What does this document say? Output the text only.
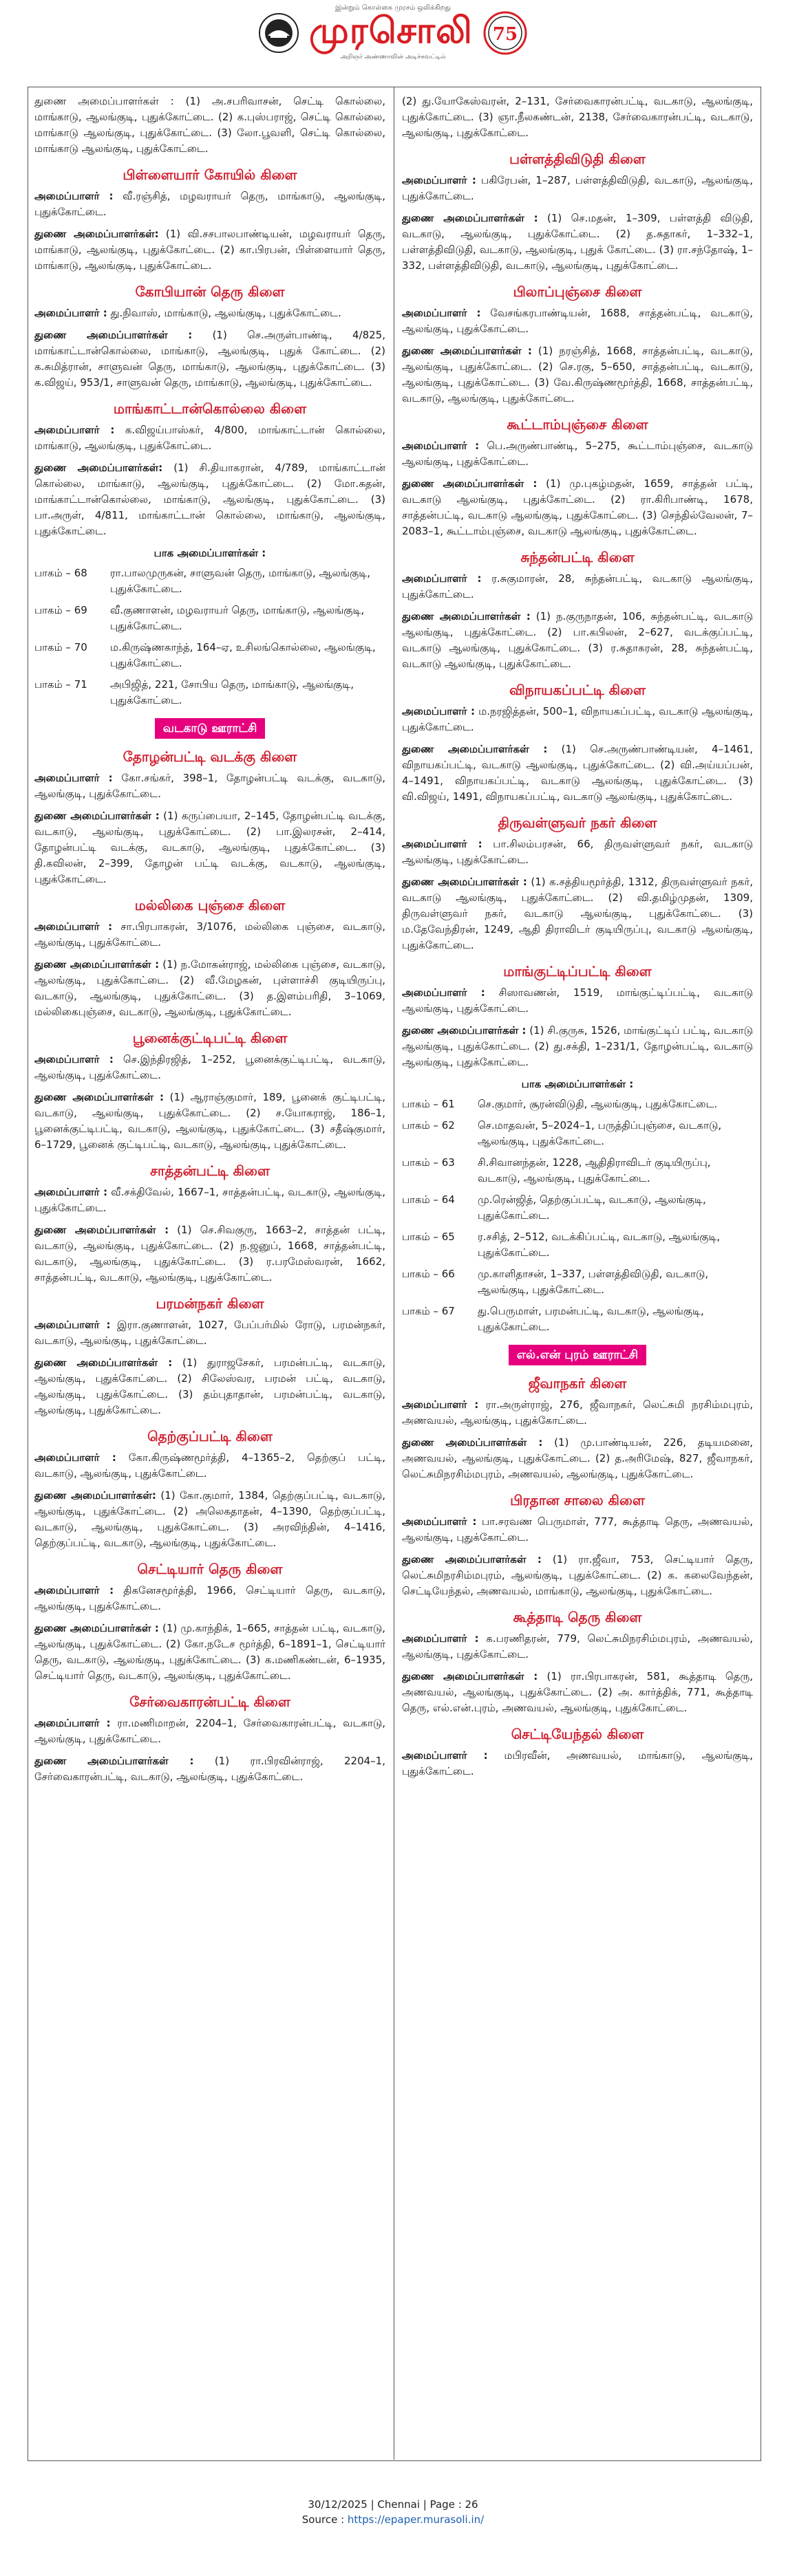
இன்றும் கொள்கை முரசம் ஒலிக்கிறது
முரசொலி 75
அறிஞர் அண்ணாவின் அடிச்சுவட்டில்

துணை அமைப்பாளர்கள் : (1) அ.சபரிவாசன், செட்டி கொல்லை, மாங்காடு, ஆலங்குடி, புதுக்கோட்டை. (2) க.புஸ்பராஜ், செட்டி கொல்லை, மாங்காடு ஆலங்குடி, புதுக்கோட்டை. (3) லோ.பூவளி, செட்டி கொல்லை, மாங்காடு ஆலங்குடி, புதுக்கோட்டை.

பிள்ளையார் கோயில் கிளை

அமைப்பாளர் : வீ.ரஞ்சித், மழவராயர் தெரு, மாங்காடு, ஆலங்குடி, புதுக்கோட்டை.

துணை அமைப்பாளர்கள்: (1) வி.சசபாலபாண்டியன், மழவராயர் தெரு, மாங்காடு, ஆலங்குடி, புதுக்கோட்டை. (2) கா.பிரபன், பிள்ளையார் தெரு, மாங்காடு, ஆலங்குடி, புதுக்கோட்டை.

கோபியான் தெரு கிளை

அமைப்பாளர் : து.நிவாஸ், மாங்காடு, ஆலங்குடி, புதுக்கோட்டை.

துணை அமைப்பாளர்கள் : (1) செ.அருள்பாண்டி, 4/825, மாங்காட்டான்கொல்லை, மாங்காடு, ஆலங்குடி, புதுக் கோட்டை. (2) க.சுமித்ரான், சாளுவன் தெரு, மாங்காடு, ஆலங்குடி, புதுக்கோட்டை. (3) க.விஜய், 953/1, சாளுவன் தெரு, மாங்காடு, ஆலங்குடி, புதுக்கோட்டை.

மாங்காட்டான்கொல்லை கிளை

அமைப்பாளர் : க.விஜய்பாஸ்கர், 4/800, மாங்காட்டான் கொல்லை, மாங்காடு, ஆலங்குடி, புதுக்கோட்டை.

துணை அமைப்பாளர்கள்: (1) சி.தியாகரான், 4/789, மாங்காட்டான் கொல்லை, மாங்காடு, ஆலங்குடி, புதுக்கோட்டை. (2) மோ.சுதன், மாங்காட்டான்கொல்லை, மாங்காடு, ஆலங்குடி, புதுக்கோட்டை. (3) பா.அருள், 4/811, மாங்காட்டான் கொல்லை, மாங்காடு, ஆலங்குடி, புதுக்கோட்டை.

பாக அமைப்பாளர்கள் :
பாகம் – 68	ரா.பாலமுருகன், சாளுவன் தெரு, மாங்காடு, ஆலங்குடி, புதுக்கோட்டை.
பாகம் – 69	வீ.குணாளன், மழவராயர் தெரு, மாங்காடு, ஆலங்குடி, புதுக்கோட்டை.
பாகம் – 70	ம.கிருஷ்ணகாந்த், 164–ஏ, உசிலங்கொல்லை, ஆலங்குடி, புதுக்கோட்டை.
பாகம் – 71	அபிஜித், 221, சோபிய தெரு, மாங்காடு, ஆலங்குடி, புதுக்கோட்டை.
வடகாடு ஊராட்சி
தோழன்பட்டி வடக்கு கிளை

அமைப்பாளர் : கோ.சங்கர், 398–1, தோழன்பட்டி வடக்கு, வடகாடு, ஆலங்குடி, புதுக்கோட்டை.

துணை அமைப்பாளர்கள் : (1) கருப்பையா, 2–145, தோழன்பட்டி வடக்கு, வடகாடு, ஆலங்குடி, புதுக்கோட்டை. (2) பா.இலரசன், 2–414, தோழன்பட்டி வடக்கு, வடகாடு, ஆலங்குடி, புதுக்கோட்டை. (3) தி.கவிலன், 2–399, தோழன் பட்டி வடக்கு, வடகாடு, ஆலங்குடி, புதுக்கோட்டை.

மல்லிகை புஞ்சை கிளை

அமைப்பாளர் : சா.பிரபாகரன், 3/1076, மல்லிகை புஞ்சை, வடகாடு, ஆலங்குடி, புதுக்கோட்டை.

துணை அமைப்பாளர்கள் : (1) ந.மோகன்ராஜ், மல்லிகை புஞ்சை, வடகாடு, ஆலங்குடி, புதுக்கோட்டை. (2) வீ.மேழகன், புள்ளாச்சி குடியிருப்பு, வடகாடு, ஆலங்குடி, புதுக்கோட்டை. (3) த.இளம்பரிதி, 3–1069, மல்லிகைபுஞ்சை, வடகாடு, ஆலங்குடி, புதுக்கோட்டை.

பூனைக்குட்டிபட்டி கிளை

அமைப்பாளர் : செ.இந்திரஜித், 1–252, பூனைக்குட்டிபட்டி, வடகாடு, ஆலங்குடி, புதுக்கோட்டை.

துணை அமைப்பாளர்கள் : (1) ஆராஞ்குமார், 189, பூனைக் குட்டிபட்டி, வடகாடு, ஆலங்குடி, புதுக்கோட்டை. (2) ச.யோகராஜ், 186–1, பூனைக்குட்டிபட்டி, வடகாடு, ஆலங்குடி, புதுக்கோட்டை. (3) சதீஷ்குமார், 6–1729, பூனைக் குட்டிபட்டி, வடகாடு, ஆலங்குடி, புதுக்கோட்டை.

சாத்தன்பட்டி கிளை

அமைப்பாளர் : வீ.சக்திவேல், 1667–1, சாத்தன்பட்டி, வடகாடு, ஆலங்குடி, புதுக்கோட்டை.

துணை அமைப்பாளர்கள் : (1) செ.சிவகுரு, 1663–2, சாத்தன் பட்டி, வடகாடு, ஆலங்குடி, புதுக்கோட்டை. (2) ந.ஜனுப், 1668, சாத்தன்பட்டி, வடகாடு, ஆலங்குடி, புதுக்கோட்டை. (3) ர.பரமேஸ்வரன், 1662, சாத்தன்பட்டி, வடகாடு, ஆலங்குடி, புதுக்கோட்டை.

பரமன்நகர் கிளை

அமைப்பாளர் : இரா.குணாளன், 1027, பேப்பர்மில் ரோடு, பரமன்நகர், வடகாடு, ஆலங்குடி, புதுக்கோட்டை.

துணை அமைப்பாளர்கள் : (1) துராஜசேகர், பரமன்பட்டி, வடகாடு, ஆலங்குடி, புதுக்கோட்டை. (2) சிலேஸ்வர, பரமன் பட்டி, வடகாடு, ஆலங்குடி, புதுக்கோட்டை. (3) தம்புதாதான், பரமன்பட்டி, வடகாடு, ஆலங்குடி, புதுக்கோட்டை.

தெற்குப்பட்டி கிளை

அமைப்பாளர் : கோ.கிருஷ்ணமூர்த்தி, 4–1365–2, தெற்குப் பட்டி, வடகாடு, ஆலங்குடி, புதுக்கோட்டை.

துணை அமைப்பாளர்கள்: (1) கோ.குமார், 1384, தெற்குப்பட்டி, வடகாடு, ஆலங்குடி, புதுக்கோட்டை. (2) அலெகதாதன், 4–1390, தெற்குப்பட்டி, வடகாடு, ஆலங்குடி, புதுக்கோட்டை. (3) அரவிந்தின், 4–1416, தெற்குப்பட்டி, வடகாடு, ஆலங்குடி, புதுக்கோட்டை.

செட்டியார் தெரு கிளை

அமைப்பாளர் : திகனேசமூர்த்தி, 1966, செட்டியார் தெரு, வடகாடு, ஆலங்குடி, புதுக்கோட்டை.

துணை அமைப்பாளர்கள் : (1) மு.காந்திக், 1–665, சாத்தன் பட்டி, வடகாடு, ஆலங்குடி, புதுக்கோட்டை. (2) கோ.நடேச மூர்த்தி, 6–1891–1, செட்டியார் தெரு, வடகாடு, ஆலங்குடி, புதுக்கோட்டை. (3) க.மணிகண்டன், 6–1935, செட்டியார் தெரு, வடகாடு, ஆலங்குடி, புதுக்கோட்டை.

சேர்வைகாரன்பட்டி கிளை

அமைப்பாளர் : ரா.மணிமாறன், 2204–1, சேர்வைகாரன்பட்டி, வடகாடு, ஆலங்குடி, புதுக்கோட்டை.

துணை அமைப்பாளர்கள் : (1) ரா.பிரவின்ராஜ், 2204–1, சேர்வைகாரன்பட்டி, வடகாடு, ஆலங்குடி, புதுக்கோட்டை.

(2) து.யோகேஸ்வரன், 2–131, சேர்வைகாரன்பட்டி, வடகாடு, ஆலங்குடி, புதுக்கோட்டை. (3) ஞா.நீலகண்டன், 2138, சேர்வைகாரன்பட்டி, வடகாடு, ஆலங்குடி, புதுக்கோட்டை.

பள்ளத்திவிடுதி கிளை

அமைப்பாளர் : பகிரேபன், 1–287, பள்ளத்திவிடுதி, வடகாடு, ஆலங்குடி, புதுக்கோட்டை.

துணை அமைப்பாளர்கள் : (1) செ.மதன், 1–309, பள்ளத்தி விடுதி, வடகாடு, ஆலங்குடி, புதுக்கோட்டை. (2) த.சுதாகர், 1–332–1, பள்ளத்திவிடுதி, வடகாடு, ஆலங்குடி, புதுக் கோட்டை. (3) ரா.சந்தோஷ், 1–332, பள்ளத்திவிடுதி, வடகாடு, ஆலங்குடி, புதுக்கோட்டை.

பிலாப்புஞ்சை கிளை

அமைப்பாளர் : வேசங்கரபாண்டியன், 1688, சாத்தன்பட்டி, வடகாடு, ஆலங்குடி, புதுக்கோட்டை.

துணை அமைப்பாளர்கள் : (1) நரஞ்சித், 1668, சாத்தன்பட்டி, வடகாடு, ஆலங்குடி, புதுக்கோட்டை. (2) செ.ரகு, 5–650, சாத்தன்பட்டி, வடகாடு, ஆலங்குடி, புதுக்கோட்டை. (3) வே.கிருஷ்ணமூர்த்தி, 1668, சாத்தன்பட்டி, வடகாடு, ஆலங்குடி, புதுக்கோட்டை.

கூட்டாம்புஞ்சை கிளை

அமைப்பாளர் : பெ.அருண்பாண்டி, 5–275, கூட்டாம்புஞ்சை, வடகாடு ஆலங்குடி, புதுக்கோட்டை.

துணை அமைப்பாளர்கள் : (1) மு.புகழ்மதன், 1659, சாத்தன் பட்டி, வடகாடு ஆலங்குடி, புதுக்கோட்டை. (2) ரா.கிரிபாண்டி, 1678, சாத்தன்பட்டி, வடகாடு ஆலங்குடி, புதுக்கோட்டை. (3) செந்தில்வேலன், 7–2083–1, கூட்டாம்புஞ்சை, வடகாடு ஆலங்குடி, புதுக்கோட்டை.

சுந்தன்பட்டி கிளை

அமைப்பாளர் : ர.சுகுமாரன், 28, சுந்தன்பட்டி, வடகாடு ஆலங்குடி, புதுக்கோட்டை.

துணை அமைப்பாளர்கள் : (1) ந.குருநாதன், 106, சுந்தன்பட்டி, வடகாடு ஆலங்குடி, புதுக்கோட்டை. (2) பா.கபிலன், 2–627, வடக்குப்பட்டி, வடகாடு ஆலங்குடி, புதுக்கோட்டை. (3) ர.சுதாகரன், 28, சுந்தன்பட்டி, வடகாடு ஆலங்குடி, புதுக்கோட்டை.

விநாயகப்பட்டி கிளை

அமைப்பாளர் : ம.நரஜித்தன், 500–1, விநாயகப்பட்டி, வடகாடு ஆலங்குடி, புதுக்கோட்டை.

துணை அமைப்பாளர்கள் : (1) செ.அருண்பாண்டியன், 4–1461, விநாயகப்பட்டி, வடகாடு ஆலங்குடி, புதுக்கோட்டை. (2) வி.அய்யப்பன், 4–1491, விநாயகப்பட்டி, வடகாடு ஆலங்குடி, புதுக்கோட்டை. (3) வி.விஜய், 1491, விநாயகப்பட்டி, வடகாடு ஆலங்குடி, புதுக்கோட்டை.

திருவள்ளுவர் நகர் கிளை

அமைப்பாளர் : பா.சிலம்பரசன், 66, திருவள்ளுவர் நகர், வடகாடு ஆலங்குடி, புதுக்கோட்டை.

துணை அமைப்பாளர்கள் : (1) க.சத்தியமூர்த்தி, 1312, திருவள்ளுவர் நகர், வடகாடு ஆலங்குடி, புதுக்கோட்டை. (2) வி.தமிழ்முதன், 1309, திருவள்ளுவர் நகர், வடகாடு ஆலங்குடி, புதுக்கோட்டை. (3) ம.தேவேந்திரன், 1249, ஆதி திராவிடர் குடியிருப்பு, வடகாடு ஆலங்குடி, புதுக்கோட்டை.

மாங்குட்டிப்பட்டி கிளை

அமைப்பாளர் : சிஸாவணன், 1519, மாங்குட்டிப்பட்டி, வடகாடு ஆலங்குடி, புதுக்கோட்டை.

துணை அமைப்பாளர்கள் : (1) சி.குருசு, 1526, மாங்குட்டிப் பட்டி, வடகாடு ஆலங்குடி, புதுக்கோட்டை. (2) து.சக்தி, 1–231/1, தோழன்பட்டி, வடகாடு ஆலங்குடி, புதுக்கோட்டை.

பாக அமைப்பாளர்கள் :
பாகம் – 61	செ.குமார், சூரன்விடுதி, ஆலங்குடி, புதுக்கோட்டை.
பாகம் – 62	செ.மாதவன், 5–2024–1, பருத்திப்புஞ்சை, வடகாடு, ஆலங்குடி, புதுக்கோட்டை.
பாகம் – 63	சி.சிவானந்தன், 1228, ஆதிதிராவிடர் குடியிருப்பு, வடகாடு, ஆலங்குடி, புதுக்கோட்டை.
பாகம் – 64	மு.ரென்ஜித், தெற்குப்பட்டி, வடகாடு, ஆலங்குடி, புதுக்கோட்டை.
பாகம் – 65	ர.சசித், 2–512, வடக்கிப்பட்டி, வடகாடு, ஆலங்குடி, புதுக்கோட்டை.
பாகம் – 66	மு.காளிதாசன், 1–337, பள்ளத்திவிடுதி, வடகாடு, ஆலங்குடி, புதுக்கோட்டை.
பாகம் – 67	து.பெருமாள், பரமன்பட்டி, வடகாடு, ஆலங்குடி, புதுக்கோட்டை.
எல்.என் புரம் ஊராட்சி
ஜீவாநகர் கிளை

அமைப்பாளர் : ரா.அருள்ராஜ், 276, ஜீவாநகர், லெட்சுமி நரசிம்மபுரம், அணவயல், ஆலங்குடி, புதுக்கோட்டை.

துணை அமைப்பாளர்கள் : (1) மு.பாண்டியன், 226, தடியமனை, அணவயல், ஆலங்குடி, புதுக்கோட்டை. (2) த.அரிமேஷ், 827, ஜீவாநகர், லெட்சுமிநரசிம்மபுரம், அணவயல், ஆலங்குடி, புதுக்கோட்டை.

பிரதான சாலை கிளை

அமைப்பாளர் : பா.சரவண பெருமாள், 777, கூத்தாடி தெரு, அணவயல், ஆலங்குடி, புதுக்கோட்டை.

துணை அமைப்பாளர்கள் : (1) ரா.ஜீவா, 753, செட்டியார் தெரு, லெட்சுமிநரசிம்மபுரம், ஆலங்குடி, புதுக்கோட்டை. (2) க. கலைவேந்தன், செட்டியேந்தல், அணவயல், மாங்காடு, ஆலங்குடி, புதுக்கோட்டை.

கூத்தாடி தெரு கிளை

அமைப்பாளர் : க.பரணிதரன், 779, லெட்சுமிநரசிம்மபுரம், அணவயல், ஆலங்குடி, புதுக்கோட்டை.

துணை அமைப்பாளர்கள் : (1) ரா.பிரபாகரன், 581, கூத்தாடி தெரு, அணவயல், ஆலங்குடி, புதுக்கோட்டை. (2) அ. கார்த்திக், 771, கூத்தாடி தெரு, எல்.என்.புரம், அணவயல், ஆலங்குடி, புதுக்கோட்டை.

செட்டியேந்தல் கிளை

அமைப்பாளர் : மபிரவீன், அணவயல், மாங்காடு, ஆலங்குடி, புதுக்கோட்டை.

30/12/2025 | Chennai | Page : 26
Source : https://epaper.murasoli.in/
